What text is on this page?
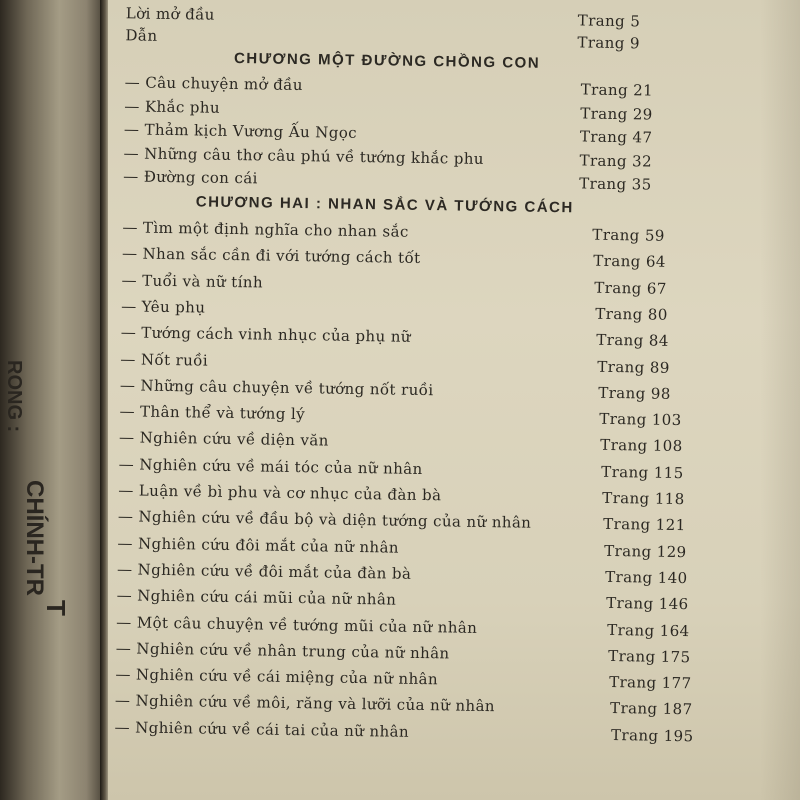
RONG :
CHÍNH-TR
T
Lời mở đầu	Trang 5
Dẫn	Trang 9
CHƯƠNG MỘT ĐƯỜNG CHỒNG CON
— Câu chuyện mở đầu	Trang 21
— Khắc phu	Trang 29
— Thảm kịch Vương Ấu Ngọc	Trang 47
— Những câu thơ câu phú về tướng khắc phu	Trang 32
— Đường con cái	Trang 35
CHƯƠNG HAI : NHAN SẮC VÀ TƯỚNG CÁCH
— Tìm một định nghĩa cho nhan sắc	Trang 59
— Nhan sắc cần đi với tướng cách tốt	Trang 64
— Tuổi và nữ tính	Trang 67
— Yêu phụ	Trang 80
— Tướng cách vinh nhục của phụ nữ	Trang 84
— Nốt ruồi	Trang 89
— Những câu chuyện về tướng nốt ruồi	Trang 98
— Thân thể và tướng lý	Trang 103
— Nghiên cứu về diện văn	Trang 108
— Nghiên cứu về mái tóc của nữ nhân	Trang 115
— Luận về bì phu và cơ nhục của đàn bà	Trang 118
— Nghiên cứu về đầu bộ và diện tướng của nữ nhân	Trang 121
— Nghiên cứu đôi mắt của nữ nhân	Trang 129
— Nghiên cứu về đôi mắt của đàn bà	Trang 140
— Nghiên cứu cái mũi của nữ nhân	Trang 146
— Một câu chuyện về tướng mũi của nữ nhân	Trang 164
— Nghiên cứu về nhân trung của nữ nhân	Trang 175
— Nghiên cứu về cái miệng của nữ nhân	Trang 177
— Nghiên cứu về môi, răng và lưỡi của nữ nhân	Trang 187
— Nghiên cứu về cái tai của nữ nhân	Trang 195
